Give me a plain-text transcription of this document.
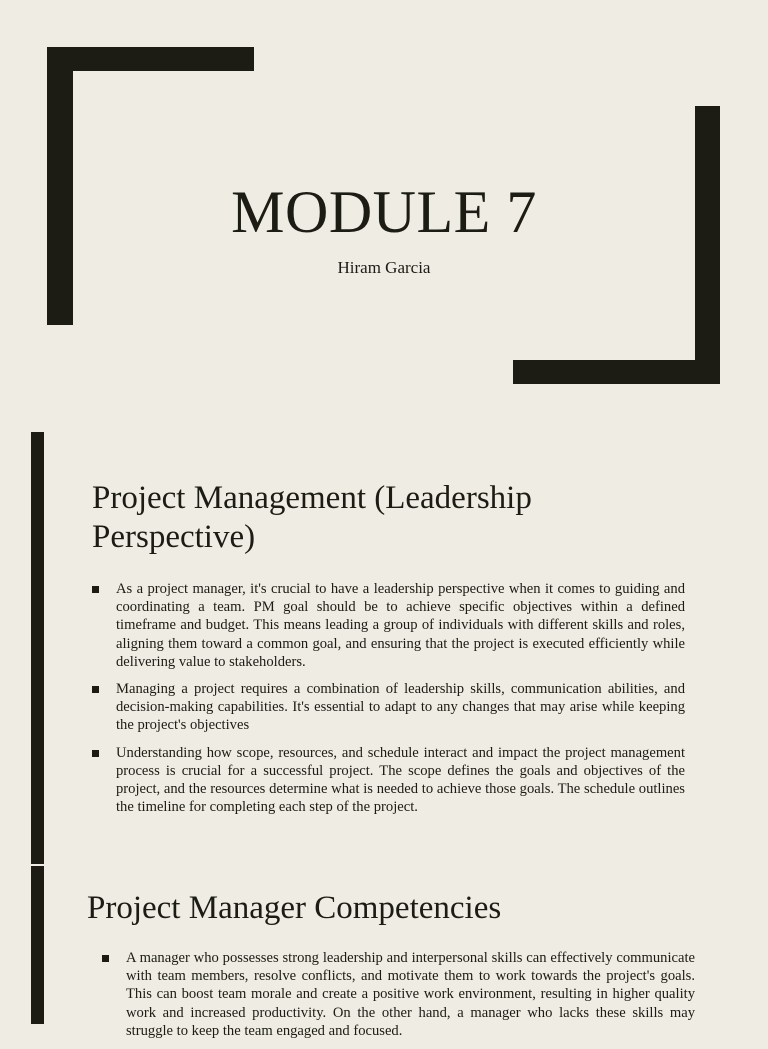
MODULE 7
Hiram Garcia
Project Management (Leadership Perspective)
As a project manager, it's crucial to have a leadership perspective when it comes to guiding and coordinating a team. PM goal should be to achieve specific objectives within a defined timeframe and budget. This means leading a group of individuals with different skills and roles, aligning them toward a common goal, and ensuring that the project is executed efficiently while delivering value to stakeholders.
Managing a project requires a combination of leadership skills, communication abilities, and decision-making capabilities. It's essential to adapt to any changes that may arise while keeping the project's objectives
Understanding how scope, resources, and schedule interact and impact the project management process is crucial for a successful project. The scope defines the goals and objectives of the project, and the resources determine what is needed to achieve those goals. The schedule outlines the timeline for completing each step of the project.
Project Manager Competencies
A manager who possesses strong leadership and interpersonal skills can effectively communicate with team members, resolve conflicts, and motivate them to work towards the project's goals. This can boost team morale and create a positive work environment, resulting in higher quality work and increased productivity. On the other hand, a manager who lacks these skills may struggle to keep the team engaged and focused.
